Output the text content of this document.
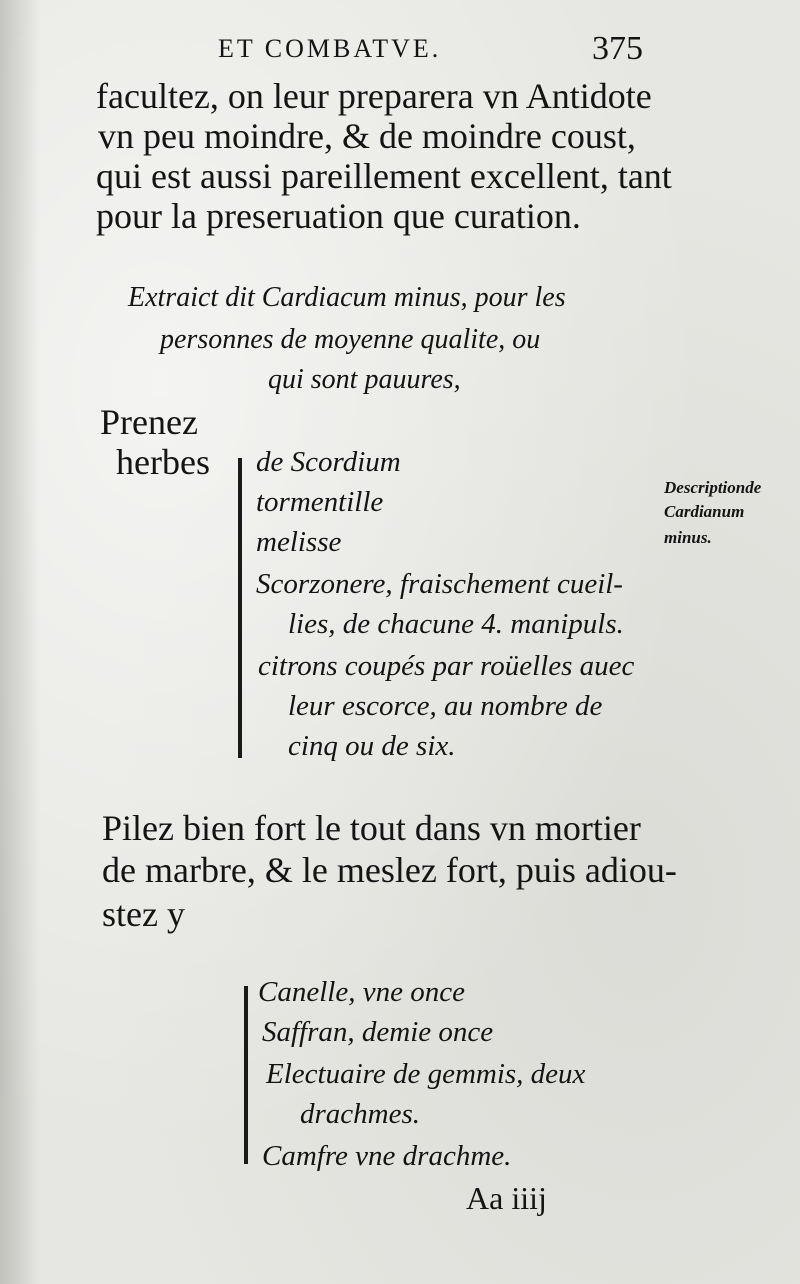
ET COMBATVE.	375
facultez, on leur preparera vn Antidote
vn peu moindre, & de moindre coust,
qui est aussi pareillement excellent, tant
pour la preseruation que curation.
Extraict dit Cardiacum minus, pour les
personnes de moyenne qualite, ou
qui sont pauures,
Prenez
herbes de Scordium
tormentille
melisse
Scorzonere, fraischement cueil-
lies, de chacune 4. manipuls.
citrons coupés par roüelles auec
leur escorce, au nombre de
cinq ou de six.
Descriptionde
Cardianum
minus.
Pilez bien fort le tout dans vn mortier
de marbre, & le meslez fort, puis adiou-
stez y
Canelle, vne once
Saffran, demie once
Electuaire de gemmis, deux
drachmes.
Camfre vne drachme.
Aa iiij
